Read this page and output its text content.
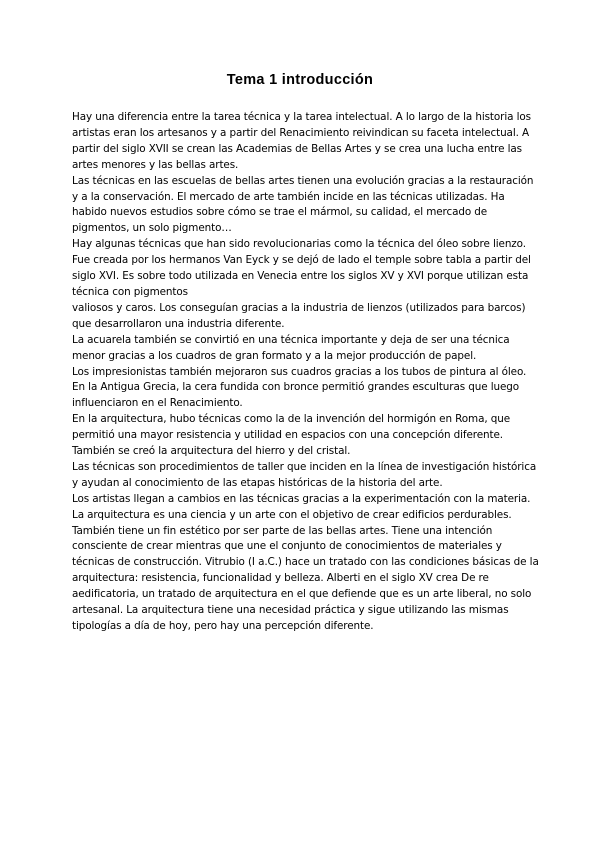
Tema 1 introducción

Hay una diferencia entre la tarea técnica y la tarea intelectual. A lo largo de la historia los artistas eran los artesanos y a partir del Renacimiento reivindican su faceta intelectual. A partir del siglo XVII se crean las Academias de Bellas Artes y se crea una lucha entre las artes menores y las bellas artes.

Las técnicas en las escuelas de bellas artes tienen una evolución gracias a la restauración y a la conservación. El mercado de arte también incide en las técnicas utilizadas. Ha habido nuevos estudios sobre cómo se trae el mármol, su calidad, el mercado de pigmentos, un solo pigmento…

Hay algunas técnicas que han sido revolucionarias como la técnica del óleo sobre lienzo. Fue creada por los hermanos Van Eyck y se dejó de lado el temple sobre tabla a partir del siglo XVI. Es sobre todo utilizada en Venecia entre los siglos XV y XVI porque utilizan esta técnica con pigmentos

valiosos y caros. Los conseguían gracias a la industria de lienzos (utilizados para barcos) que desarrollaron una industria diferente.

La acuarela también se convirtió en una técnica importante y deja de ser una técnica menor gracias a los cuadros de gran formato y a la mejor producción de papel.

Los impresionistas también mejoraron sus cuadros gracias a los tubos de pintura al óleo.

En la Antigua Grecia, la cera fundida con bronce permitió grandes esculturas que luego influenciaron en el Renacimiento.

En la arquitectura, hubo técnicas como la de la invención del hormigón en Roma, que permitió una mayor resistencia y utilidad en espacios con una concepción diferente.

También se creó la arquitectura del hierro y del cristal.

Las técnicas son procedimientos de taller que inciden en la línea de investigación histórica y ayudan al conocimiento de las etapas históricas de la historia del arte.

Los artistas llegan a cambios en las técnicas gracias a la experimentación con la materia.

La arquitectura es una ciencia y un arte con el objetivo de crear edificios perdurables. También tiene un fin estético por ser parte de las bellas artes. Tiene una intención consciente de crear mientras que une el conjunto de conocimientos de materiales y técnicas de construcción. Vitrubio (I a.C.) hace un tratado con las condiciones básicas de la arquitectura: resistencia, funcionalidad y belleza. Alberti en el siglo XV crea De re aedificatoria, un tratado de arquitectura en el que defiende que es un arte liberal, no solo artesanal. La arquitectura tiene una necesidad práctica y sigue utilizando las mismas tipologías a día de hoy, pero hay una percepción diferente.
